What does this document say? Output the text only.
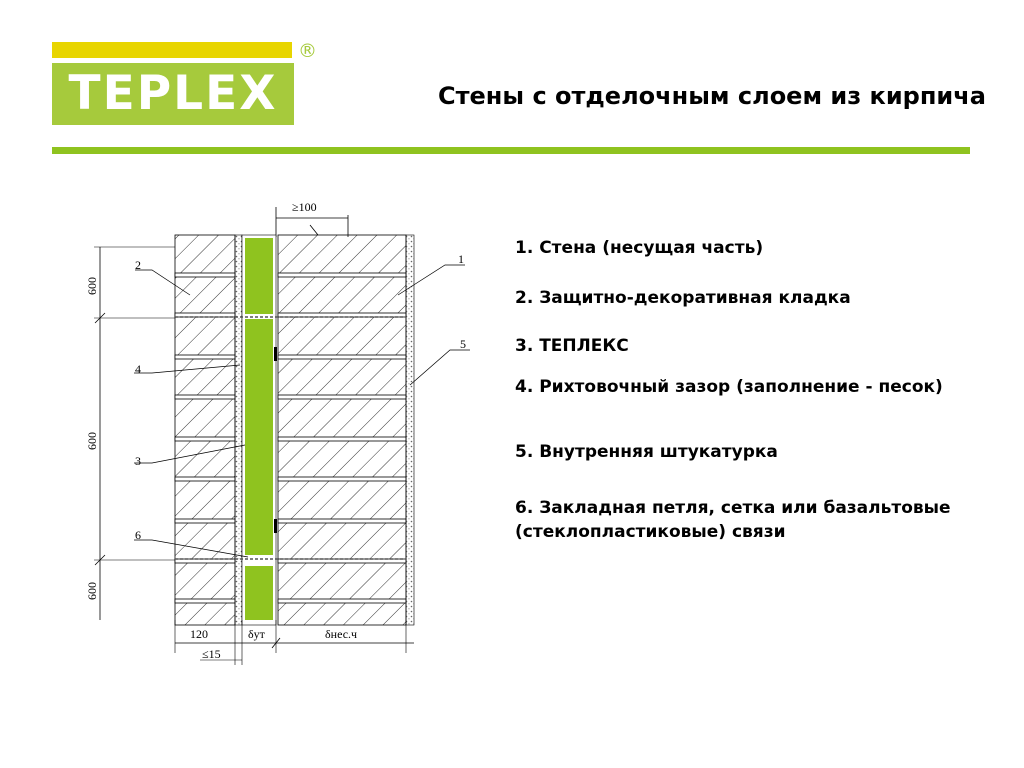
TEPLEX
®
Стены с отделочным слоем из кирпича
≥100
600
600
600
2	1
4
5
3
6
120	δут	δнес.ч
≤15
1. Стена (несущая часть)
2. Защитно-декоративная кладка
3. ТЕПЛЕКС
4. Рихтовочный зазор (заполнение - песок)
5. Внутренняя штукатурка
6. Закладная петля, сетка или базальтовые (стеклопластиковые) связи
